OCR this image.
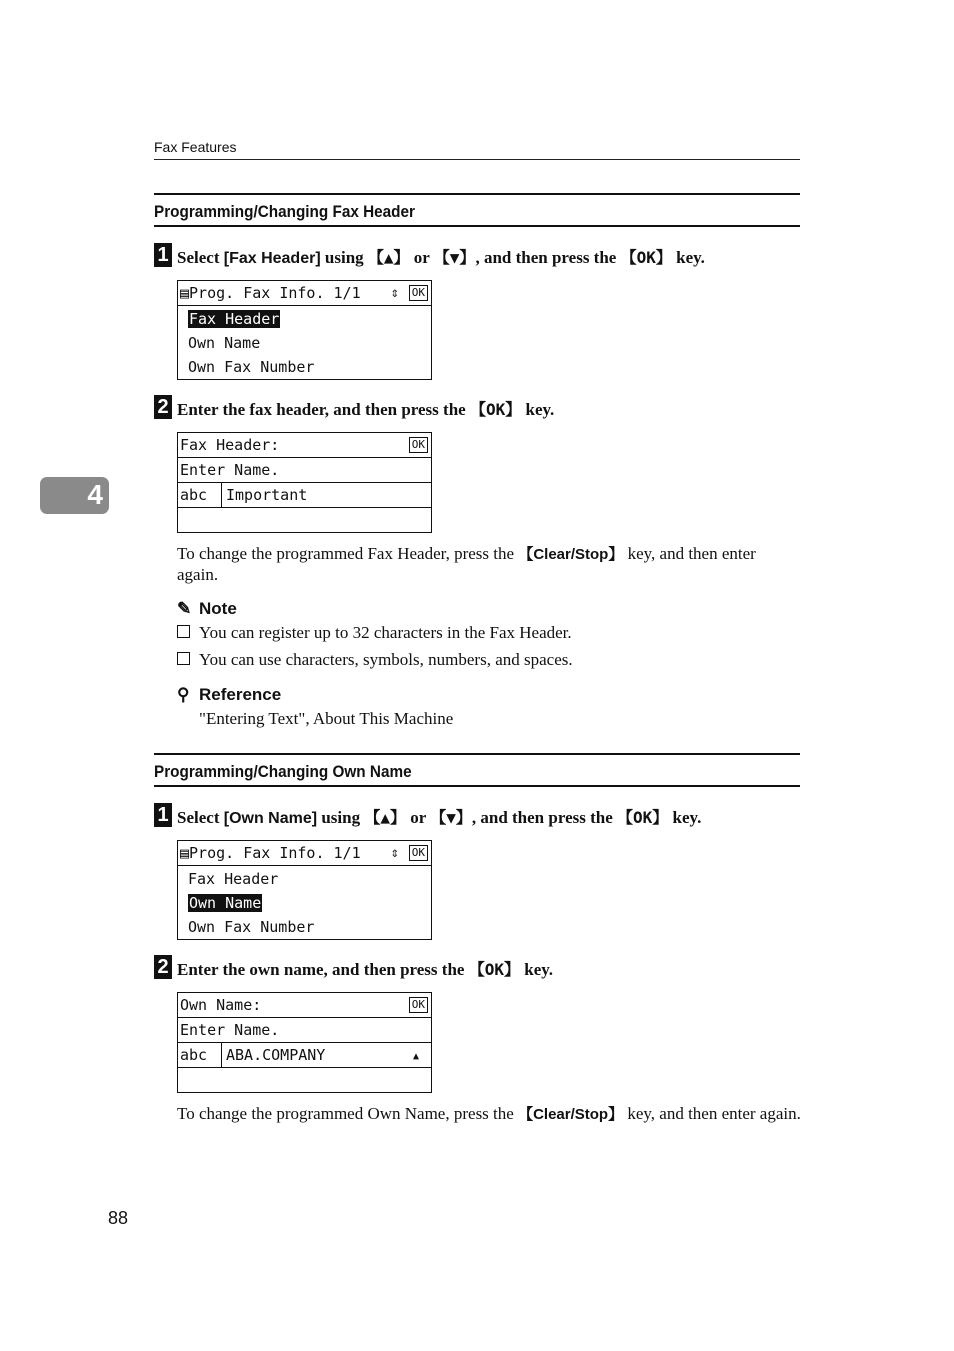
Fax Features
4
Programming/Changing Fax Header
1 Select [Fax Header] using 【▲】 or 【▼】, and then press the 【OK】 key.
▤Prog. Fax Info. 1/1 ⇕ OK
Fax Header
Own Name
Own Fax Number
2 Enter the fax header, and then press the 【OK】 key.
Fax Header:	OK
Enter Name.
abc Important
To change the programmed Fax Header, press the 【Clear/Stop】 key, and then enter again.
✎ Note
You can register up to 32 characters in the Fax Header.
You can use characters, symbols, numbers, and spaces.
⚲ Reference
"Entering Text", About This Machine
Programming/Changing Own Name
1 Select [Own Name] using 【▲】 or 【▼】, and then press the 【OK】 key.
▤Prog. Fax Info. 1/1 ⇕ OK
Fax Header
Own Name
Own Fax Number
2 Enter the own name, and then press the 【OK】 key.
Own Name:	OK
Enter Name.
abc ABA.COMPANY	▲
To change the programmed Own Name, press the 【Clear/Stop】 key, and then enter again.
88
